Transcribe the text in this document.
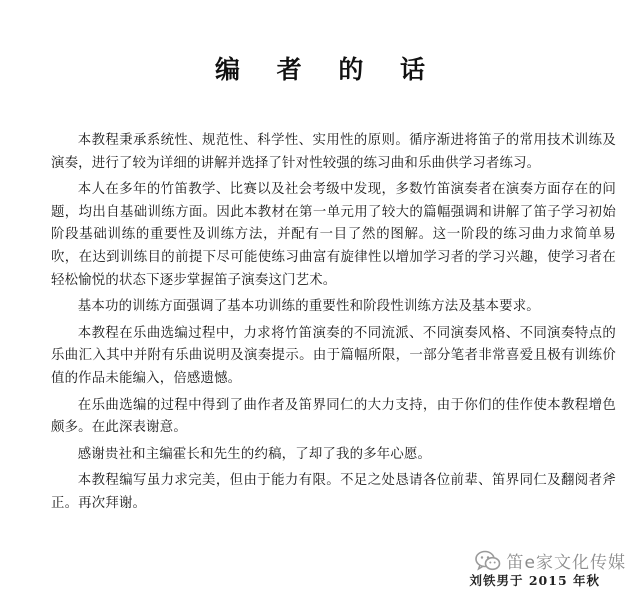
编 者 的 话

本教程秉承系统性、规范性、科学性、实用性的原则。循序渐进将笛子的常用技术训练及演奏，进行了较为详细的讲解并选择了针对性较强的练习曲和乐曲供学习者练习。

本人在多年的竹笛教学、比赛以及社会考级中发现，多数竹笛演奏者在演奏方面存在的问题，均出自基础训练方面。因此本教材在第一单元用了较大的篇幅强调和讲解了笛子学习初始阶段基础训练的重要性及训练方法，并配有一目了然的图解。这一阶段的练习曲力求简单易吹，在达到训练目的前提下尽可能使练习曲富有旋律性以增加学习者的学习兴趣，使学习者在轻松愉悦的状态下逐步掌握笛子演奏这门艺术。

基本功的训练方面强调了基本功训练的重要性和阶段性训练方法及基本要求。

本教程在乐曲选编过程中，力求将竹笛演奏的不同流派、不同演奏风格、不同演奏特点的乐曲汇入其中并附有乐曲说明及演奏提示。由于篇幅所限，一部分笔者非常喜爱且极有训练价值的作品未能编入，倍感遗憾。

在乐曲选编的过程中得到了曲作者及笛界同仁的大力支持，由于你们的佳作使本教程增色颇多。在此深表谢意。

感谢贵社和主编霍长和先生的约稿，了却了我的多年心愿。

本教程编写虽力求完美，但由于能力有限。不足之处恳请各位前辈、笛界同仁及翻阅者斧正。再次拜谢。

笛e家文化传媒
刘铁男于 2015 年秋
